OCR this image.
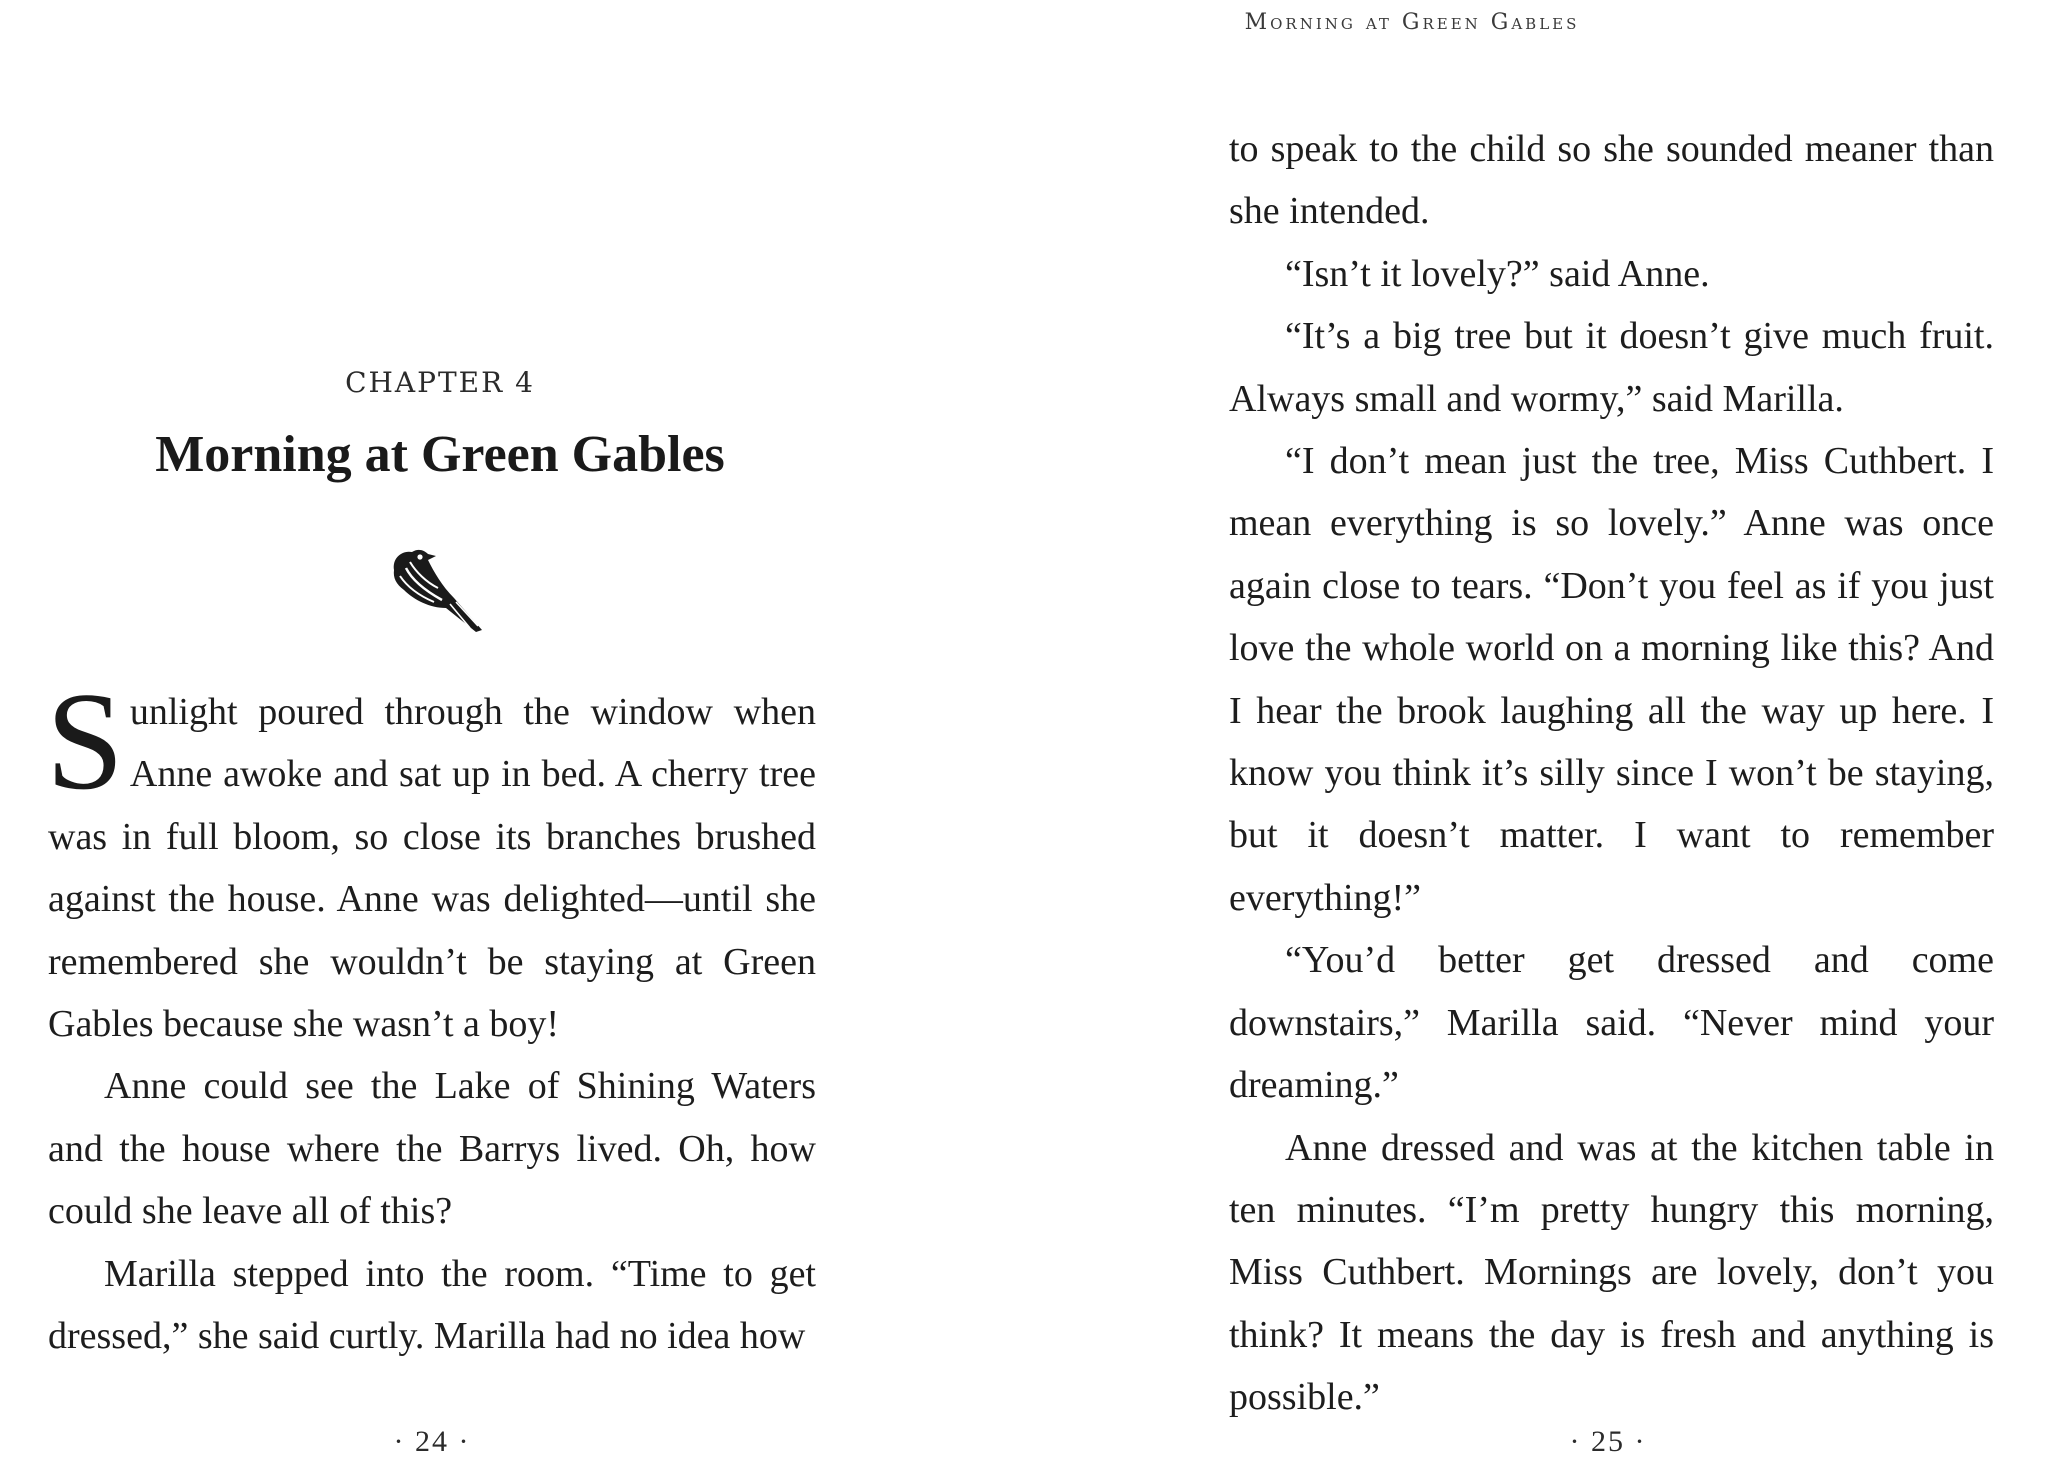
CHAPTER 4
Morning at Green Gables

Sunlight poured through the window when Anne awoke and sat up in bed. A cherry tree was in full bloom, so close its branches brushed against the house. Anne was delighted—until she remembered she wouldn’t be staying at Green Gables because she wasn’t a boy!

Anne could see the Lake of Shining Waters and the house where the Barrys lived. Oh, how could she leave all of this?

Marilla stepped into the room. “Time to get dressed,” she said curtly. Marilla had no idea how

· 24 ·
Morning at Green Gables

to speak to the child so she sounded meaner than she intended.

“Isn’t it lovely?” said Anne.

“It’s a big tree but it doesn’t give much fruit. Always small and wormy,” said Marilla.

“I don’t mean just the tree, Miss Cuthbert. I mean everything is so lovely.” Anne was once again close to tears. “Don’t you feel as if you just love the whole world on a morning like this? And I hear the brook laughing all the way up here. I know you think it’s silly since I won’t be staying, but it doesn’t matter. I want to remember everything!”

“You’d better get dressed and come downstairs,” Marilla said. “Never mind your dreaming.”

Anne dressed and was at the kitchen table in ten minutes. “I’m pretty hungry this morning, Miss Cuthbert. Mornings are lovely, don’t you think? It means the day is fresh and anything is possible.”

· 25 ·
